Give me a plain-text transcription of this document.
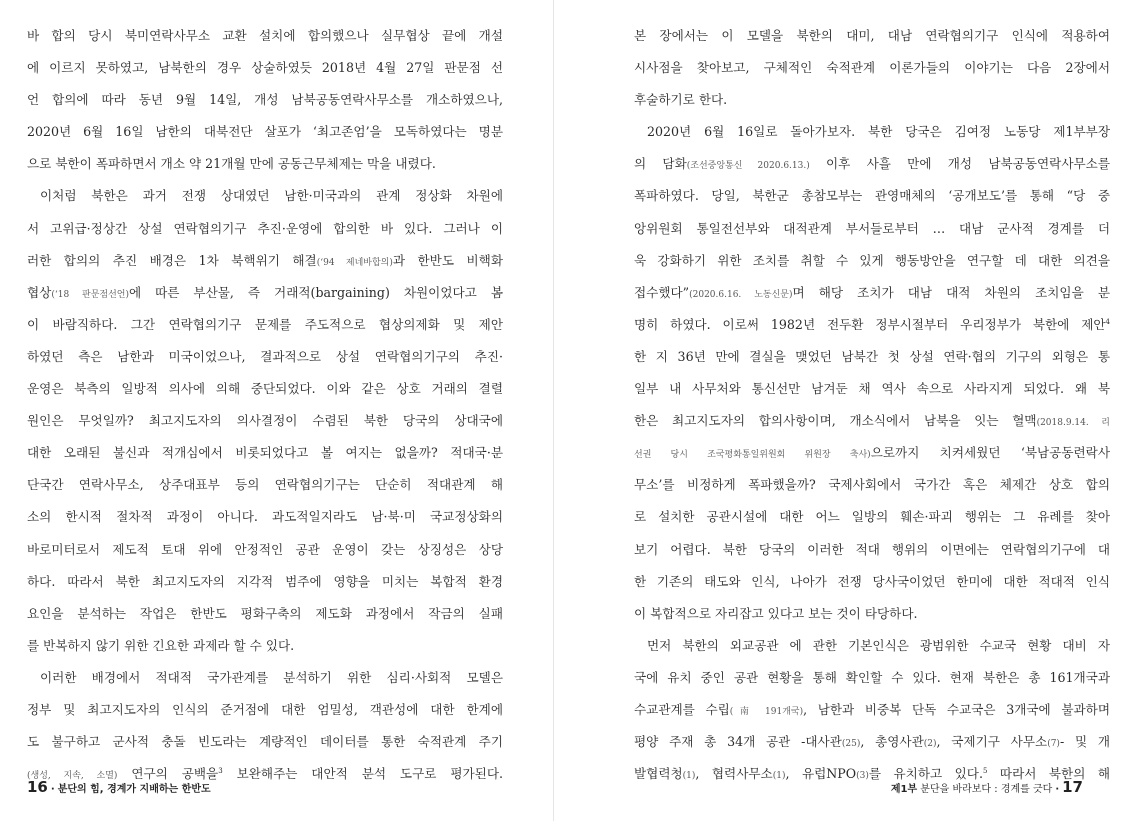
바 합의 당시 북미연락사무소 교환 설치에 합의했으나 실무협상 끝에 개설
에 이르지 못하였고, 남북한의 경우 상술하였듯 2018년 4월 27일 판문점 선
언 합의에 따라 동년 9월 14일, 개성 남북공동연락사무소를 개소하였으나,
2020년 6월 16일 남한의 대북전단 살포가 ‘최고존엄’을 모독하였다는 명분
으로 북한이 폭파하면서 개소 약 21개월 만에 공동근무체제는 막을 내렸다.
이처럼 북한은 과거 전쟁 상대였던 남한·미국과의 관계 정상화 차원에
서 고위급·정상간 상설 연락협의기구 추진·운영에 합의한 바 있다. 그러나 이
러한 합의의 추진 배경은 1차 북핵위기 해결(‘94 제네바합의)과 한반도 비핵화
협상(‘18 판문점선언)에 따른 부산물, 즉 거래적(bargaining) 차원이었다고 봄
이 바람직하다. 그간 연락협의기구 문제를 주도적으로 협상의제화 및 제안
하였던 측은 남한과 미국이었으나, 결과적으로 상설 연락협의기구의 추진·
운영은 북측의 일방적 의사에 의해 중단되었다. 이와 같은 상호 거래의 결렬
원인은 무엇일까? 최고지도자의 의사결정이 수렴된 북한 당국의 상대국에
대한 오래된 불신과 적개심에서 비롯되었다고 볼 여지는 없을까? 적대국·분
단국간 연락사무소, 상주대표부 등의 연락협의기구는 단순히 적대관계 해
소의 한시적 절차적 과정이 아니다. 과도적일지라도 남·북·미 국교정상화의
바로미터로서 제도적 토대 위에 안정적인 공관 운영이 갖는 상징성은 상당
하다. 따라서 북한 최고지도자의 지각적 범주에 영향을 미치는 복합적 환경
요인을 분석하는 작업은 한반도 평화구축의 제도화 과정에서 작금의 실패
를 반복하지 않기 위한 긴요한 과제라 할 수 있다.
이러한 배경에서 적대적 국가관계를 분석하기 위한 심리·사회적 모델은
정부 및 최고지도자의 인식의 준거점에 대한 엄밀성, 객관성에 대한 한계에
도 불구하고 군사적 충돌 빈도라는 계량적인 데이터를 통한 숙적관계 주기
(생성, 지속, 소멸) 연구의 공백을$^3$ 보완해주는 대안적 분석 도구로 평가된다.
16 · 분단의 힘, 경계가 지배하는 한반도
본 장에서는 이 모델을 북한의 대미, 대남 연락협의기구 인식에 적용하여
시사점을 찾아보고, 구체적인 숙적관계 이론가들의 이야기는 다음 2장에서
후술하기로 한다.
2020년 6월 16일로 돌아가보자. 북한 당국은 김여정 노동당 제1부부장
의 담화(조선중앙통신 2020.6.13.) 이후 사흘 만에 개성 남북공동연락사무소를
폭파하였다. 당일, 북한군 총참모부는 관영매체의 ‘공개보도’를 통해 “당 중
앙위원회 통일전선부와 대적관계 부서들로부터 … 대남 군사적 경계를 더
욱 강화하기 위한 조치를 취할 수 있게 행동방안을 연구할 데 대한 의견을
접수했다”(2020.6.16. 노동신문)며 해당 조치가 대남 대적 차원의 조치임을 분
명히 하였다. 이로써 1982년 전두환 정부시절부터 우리정부가 북한에 제안$^4$
한 지 36년 만에 결실을 맺었던 남북간 첫 상설 연락·협의 기구의 외형은 통
일부 내 사무처와 통신선만 남겨둔 채 역사 속으로 사라지게 되었다. 왜 북
한은 최고지도자의 합의사항이며, 개소식에서 남북을 잇는 혈맥(2018.9.14. 리
선권 당시 조국평화통일위원회 위원장 축사)으로까지 치켜세웠던 ‘북남공동련락사
무소’를 비정하게 폭파했을까? 국제사회에서 국가간 혹은 체제간 상호 합의
로 설치한 공관시설에 대한 어느 일방의 훼손·파괴 행위는 그 유례를 찾아
보기 어렵다. 북한 당국의 이러한 적대 행위의 이면에는 연락협의기구에 대
한 기존의 태도와 인식, 나아가 전쟁 당사국이었던 한미에 대한 적대적 인식
이 복합적으로 자리잡고 있다고 보는 것이 타당하다.
먼저 북한의 외교공관 에 관한 기본인식은 광범위한 수교국 현황 대비 자
국에 유치 중인 공관 현황을 통해 확인할 수 있다. 현재 북한은 총 161개국과
수교관계를 수립(南 191개국), 남한과 비중복 단독 수교국은 3개국에 불과하며
평양 주재 총 34개 공관 -대사관(25), 총영사관(2), 국제기구 사무소(7)- 및 개
발협력청(1), 협력사무소(1), 유럽NPO(3)를 유치하고 있다.$^5$ 따라서 북한의 해
제1부 분단을 바라보다 : 경계를 긋다 · 17
